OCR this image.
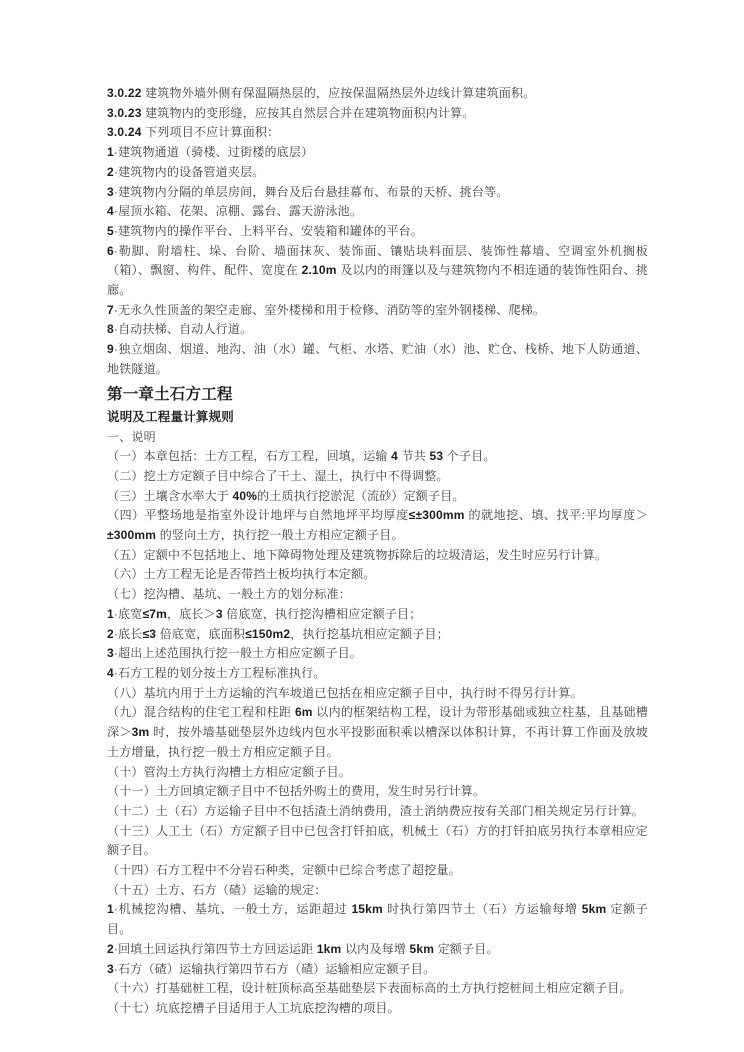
3.0.22 建筑物外墙外侧有保温隔热层的，应按保温隔热层外边线计算建筑面积。

3.0.23 建筑物内的变形缝，应按其自然层合并在建筑物面积内计算。

3.0.24 下列项目不应计算面积：

1·建筑物通道（骑楼、过街楼的底层）

2·建筑物内的设备管道夹层。

3·建筑物内分隔的单层房间，舞台及后台悬挂幕布、布景的天桥、挑台等。

4·屋顶水箱、花架、凉棚、露台、露天游泳池。

5·建筑物内的操作平台、上料平台、安装箱和罐体的平台。

6·勒脚、附墙柱、垛、台阶、墙面抹灰、装饰面、镶贴块料面层、装饰性幕墙、空调室外机搁板（箱）、飘窗、构件、配件、宽度在 2.10m 及以内的雨篷以及与建筑物内不相连通的装饰性阳台、挑廊。

7·无永久性顶盖的架空走廊、室外楼梯和用于检修、消防等的室外钢楼梯、爬梯。

8·自动扶梯、自动人行道。

9·独立烟囱、烟道、地沟、油（水）罐、气柜、水塔、贮油（水）池、贮仓、栈桥、地下人防通道、地铁隧道。

第一章土石方工程

说明及工程量计算规则

一、说明

（一）本章包括：土方工程，石方工程，回填，运输 4 节共 53 个子目。

（二）挖土方定额子目中综合了干土、湿土，执行中不得调整。

（三）土壤含水率大于 40%的土质执行挖淤泥（流砂）定额子目。

（四）平整场地是指室外设计地坪与自然地坪平均厚度≤±300mm 的就地挖、填、找平:平均厚度＞±300mm 的竖向土方，执行挖一般土方相应定额子目。

（五）定额中不包括地上、地下障碍物处理及建筑物拆除后的垃圾清运，发生时应另行计算。

（六）土方工程无论是否带挡土板均执行本定额。

（七）挖沟槽、基坑、一般土方的划分标准：

1·底宽≤7m，底长＞3 倍底宽，执行挖沟槽相应定额子目；

2·底长≤3 倍底宽，底面积≤150m2，执行挖基坑相应定额子目；

3·超出上述范围执行挖一般土方相应定额子目。

4·石方工程的划分按土方工程标准执行。

（八）基坑内用于土方运输的汽车坡道已包括在相应定额子目中，执行时不得另行计算。

（九）混合结构的住宅工程和柱距 6m 以内的框架结构工程，设计为带形基础或独立柱基，且基础槽深＞3m 时，按外墙基础垫层外边线内包水平投影面积乘以槽深以体积计算，不再计算工作面及放坡土方增量，执行挖一般土方相应定额子目。

（十）管沟土方执行沟槽土方相应定额子目。

（十一）土方回填定额子目中不包括外购土的费用，发生时另行计算。

（十二）土（石）方运输子目中不包括渣土消纳费用，渣土消纳费应按有关部门相关规定另行计算。

（十三）人工土（石）方定额子目中已包含打钎拍底，机械土（石）方的打钎拍底另执行本章相应定额子目。

（十四）石方工程中不分岩石种类，定额中已综合考虑了超挖量。

（十五）土方、石方（碴）运输的规定：

1·机械挖沟槽、基坑、一般土方，运距超过 15km 时执行第四节土（石）方运输每增 5km 定额子目。

2·回填土回运执行第四节土方回运运距 1km 以内及每增 5km 定额子目。

3·石方（碴）运输执行第四节石方（碴）运输相应定额子目。

（十六）打基础桩工程，设计桩顶标高至基础垫层下表面标高的土方执行挖桩间土相应定额子目。

（十七）坑底挖槽子目适用于人工坑底挖沟槽的项目。
